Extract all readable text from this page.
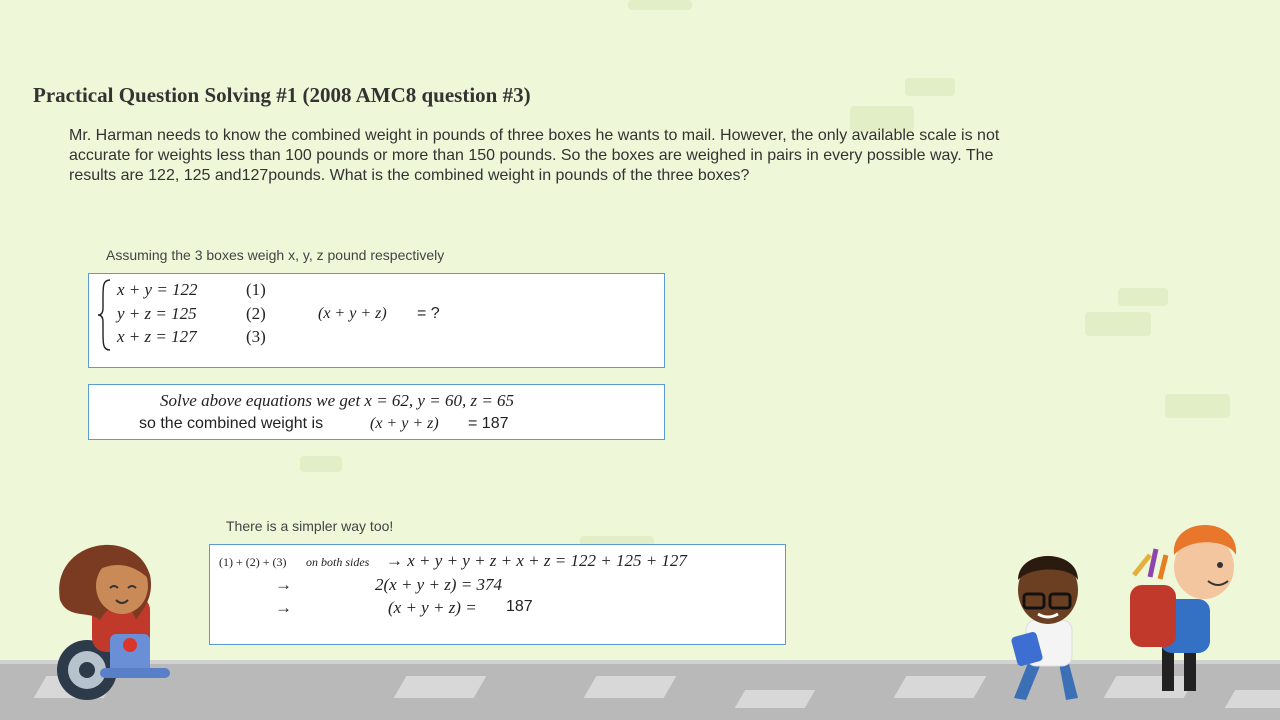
Practical Question Solving #1 (2008 AMC8 question #3)
Mr. Harman needs to know the combined weight in pounds of three boxes he wants to mail. However, the only available scale is not accurate for weights less than 100 pounds or more than 150 pounds. So the boxes are weighed in pairs in every possible way. The results are 122, 125 and127pounds. What is the combined weight in pounds of the three boxes?
Assuming the 3 boxes weigh x, y, z pound respectively
x + y = 122	(1)
y + z = 125	(2)
x + z = 127	(3)
(x + y + z) = ?
Solve above equations we get x = 62, y = 60, z = 65
so the combined weight is	(x + y + z) = 187
There is a simpler way too!
(1) + (2) + (3) on both sides → x + y + y + z + x + z = 122 + 125 + 127
→	2(x + y + z) = 374
→	(x + y + z) = 187
